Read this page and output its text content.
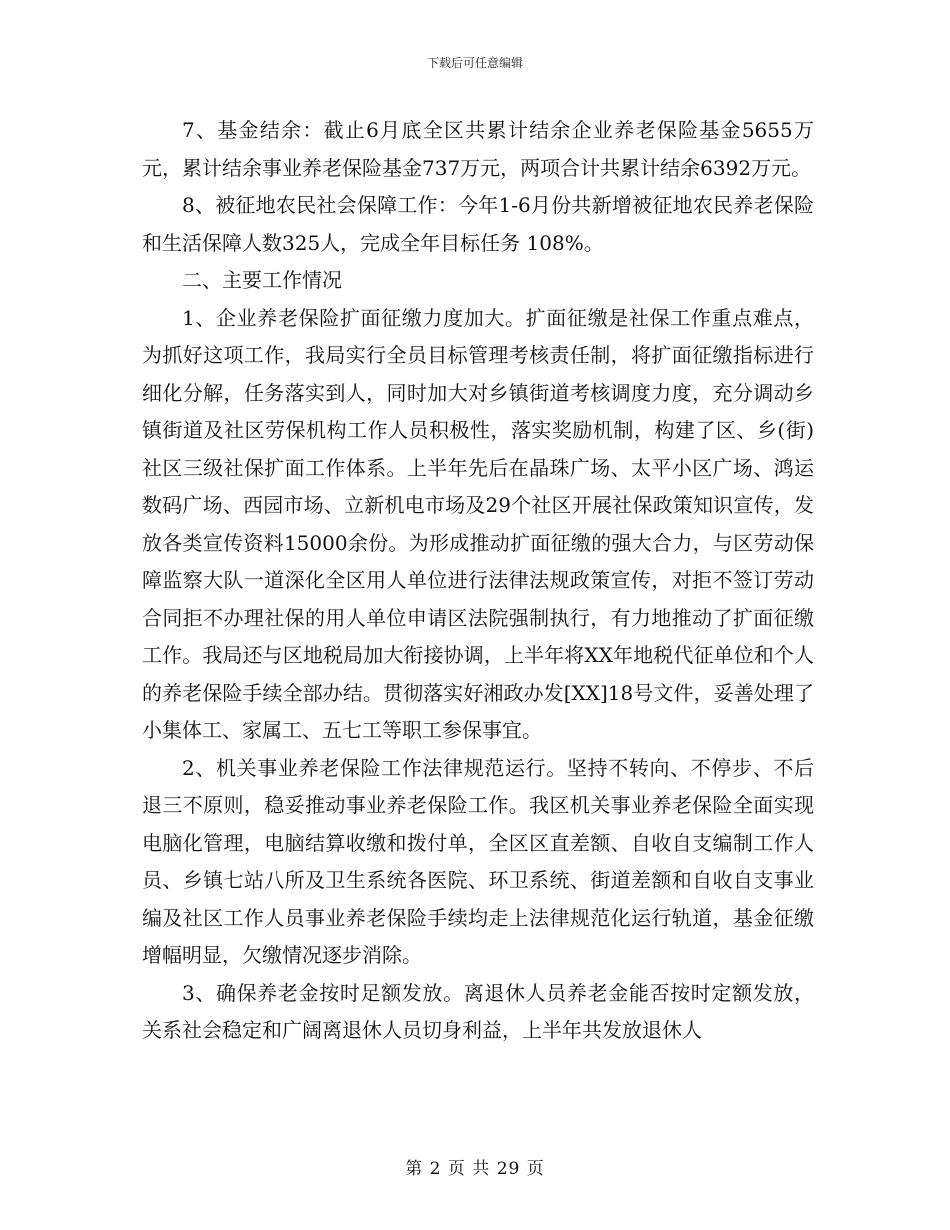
下载后可任意编辑

7、基金结余：截止6月底全区共累计结余企业养老保险基金5655万元，累计结余事业养老保险基金737万元，两项合计共累计结余6392万元。

8、被征地农民社会保障工作：今年1-6月份共新增被征地农民养老保险和生活保障人数325人，完成全年目标任务 108%。

二、主要工作情况

1、企业养老保险扩面征缴力度加大。扩面征缴是社保工作重点难点，为抓好这项工作，我局实行全员目标管理考核责任制，将扩面征缴指标进行细化分解，任务落实到人，同时加大对乡镇街道考核调度力度，充分调动乡镇街道及社区劳保机构工作人员积极性，落实奖励机制，构建了区、乡(街)社区三级社保扩面工作体系。上半年先后在晶珠广场、太平小区广场、鸿运数码广场、西园市场、立新机电市场及29个社区开展社保政策知识宣传，发放各类宣传资料15000余份。为形成推动扩面征缴的强大合力，与区劳动保障监察大队一道深化全区用人单位进行法律法规政策宣传，对拒不签订劳动合同拒不办理社保的用人单位申请区法院强制执行，有力地推动了扩面征缴工作。我局还与区地税局加大衔接协调，上半年将XX年地税代征单位和个人的养老保险手续全部办结。贯彻落实好湘政办发[XX]18号文件，妥善处理了小集体工、家属工、五七工等职工参保事宜。

2、机关事业养老保险工作法律规范运行。坚持不转向、不停步、不后退三不原则，稳妥推动事业养老保险工作。我区机关事业养老保险全面实现电脑化管理，电脑结算收缴和拨付单，全区区直差额、自收自支编制工作人员、乡镇七站八所及卫生系统各医院、环卫系统、街道差额和自收自支事业编及社区工作人员事业养老保险手续均走上法律规范化运行轨道，基金征缴增幅明显，欠缴情况逐步消除。

3、确保养老金按时足额发放。离退休人员养老金能否按时定额发放，关系社会稳定和广阔离退休人员切身利益，上半年共发放退休人

第 2 页 共 29 页
